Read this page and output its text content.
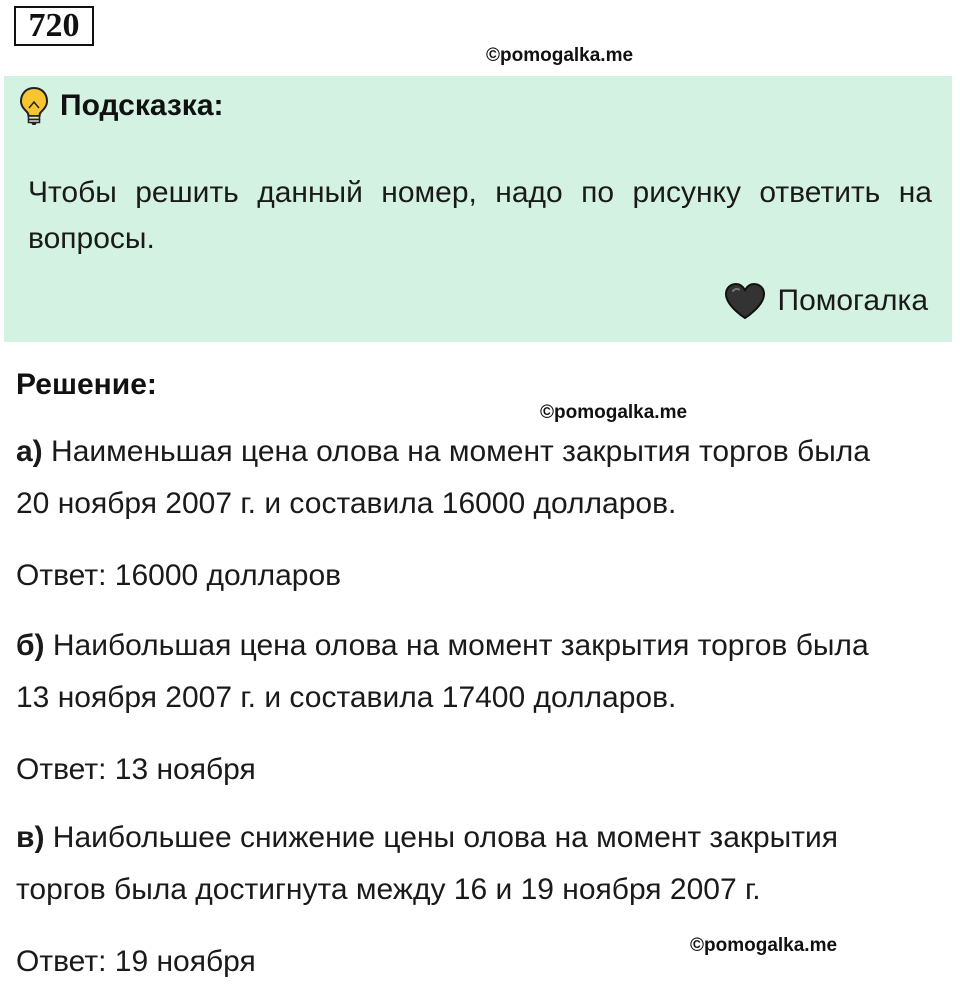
720
©pomogalka.me
Подсказка:
Чтобы решить данный номер, надо по рисунку ответить на вопросы.
Помогалка
Решение:
©pomogalka.me
а) Наименьшая цена олова на момент закрытия торгов была
20 ноября 2007 г. и составила 16000 долларов.
Ответ: 16000 долларов
б) Наибольшая цена олова на момент закрытия торгов была
13 ноября 2007 г. и составила 17400 долларов.
Ответ: 13 ноября
в) Наибольшее снижение цены олова на момент закрытия
торгов была достигнута между 16 и 19 ноября 2007 г.
Ответ: 19 ноября	©pomogalka.me
